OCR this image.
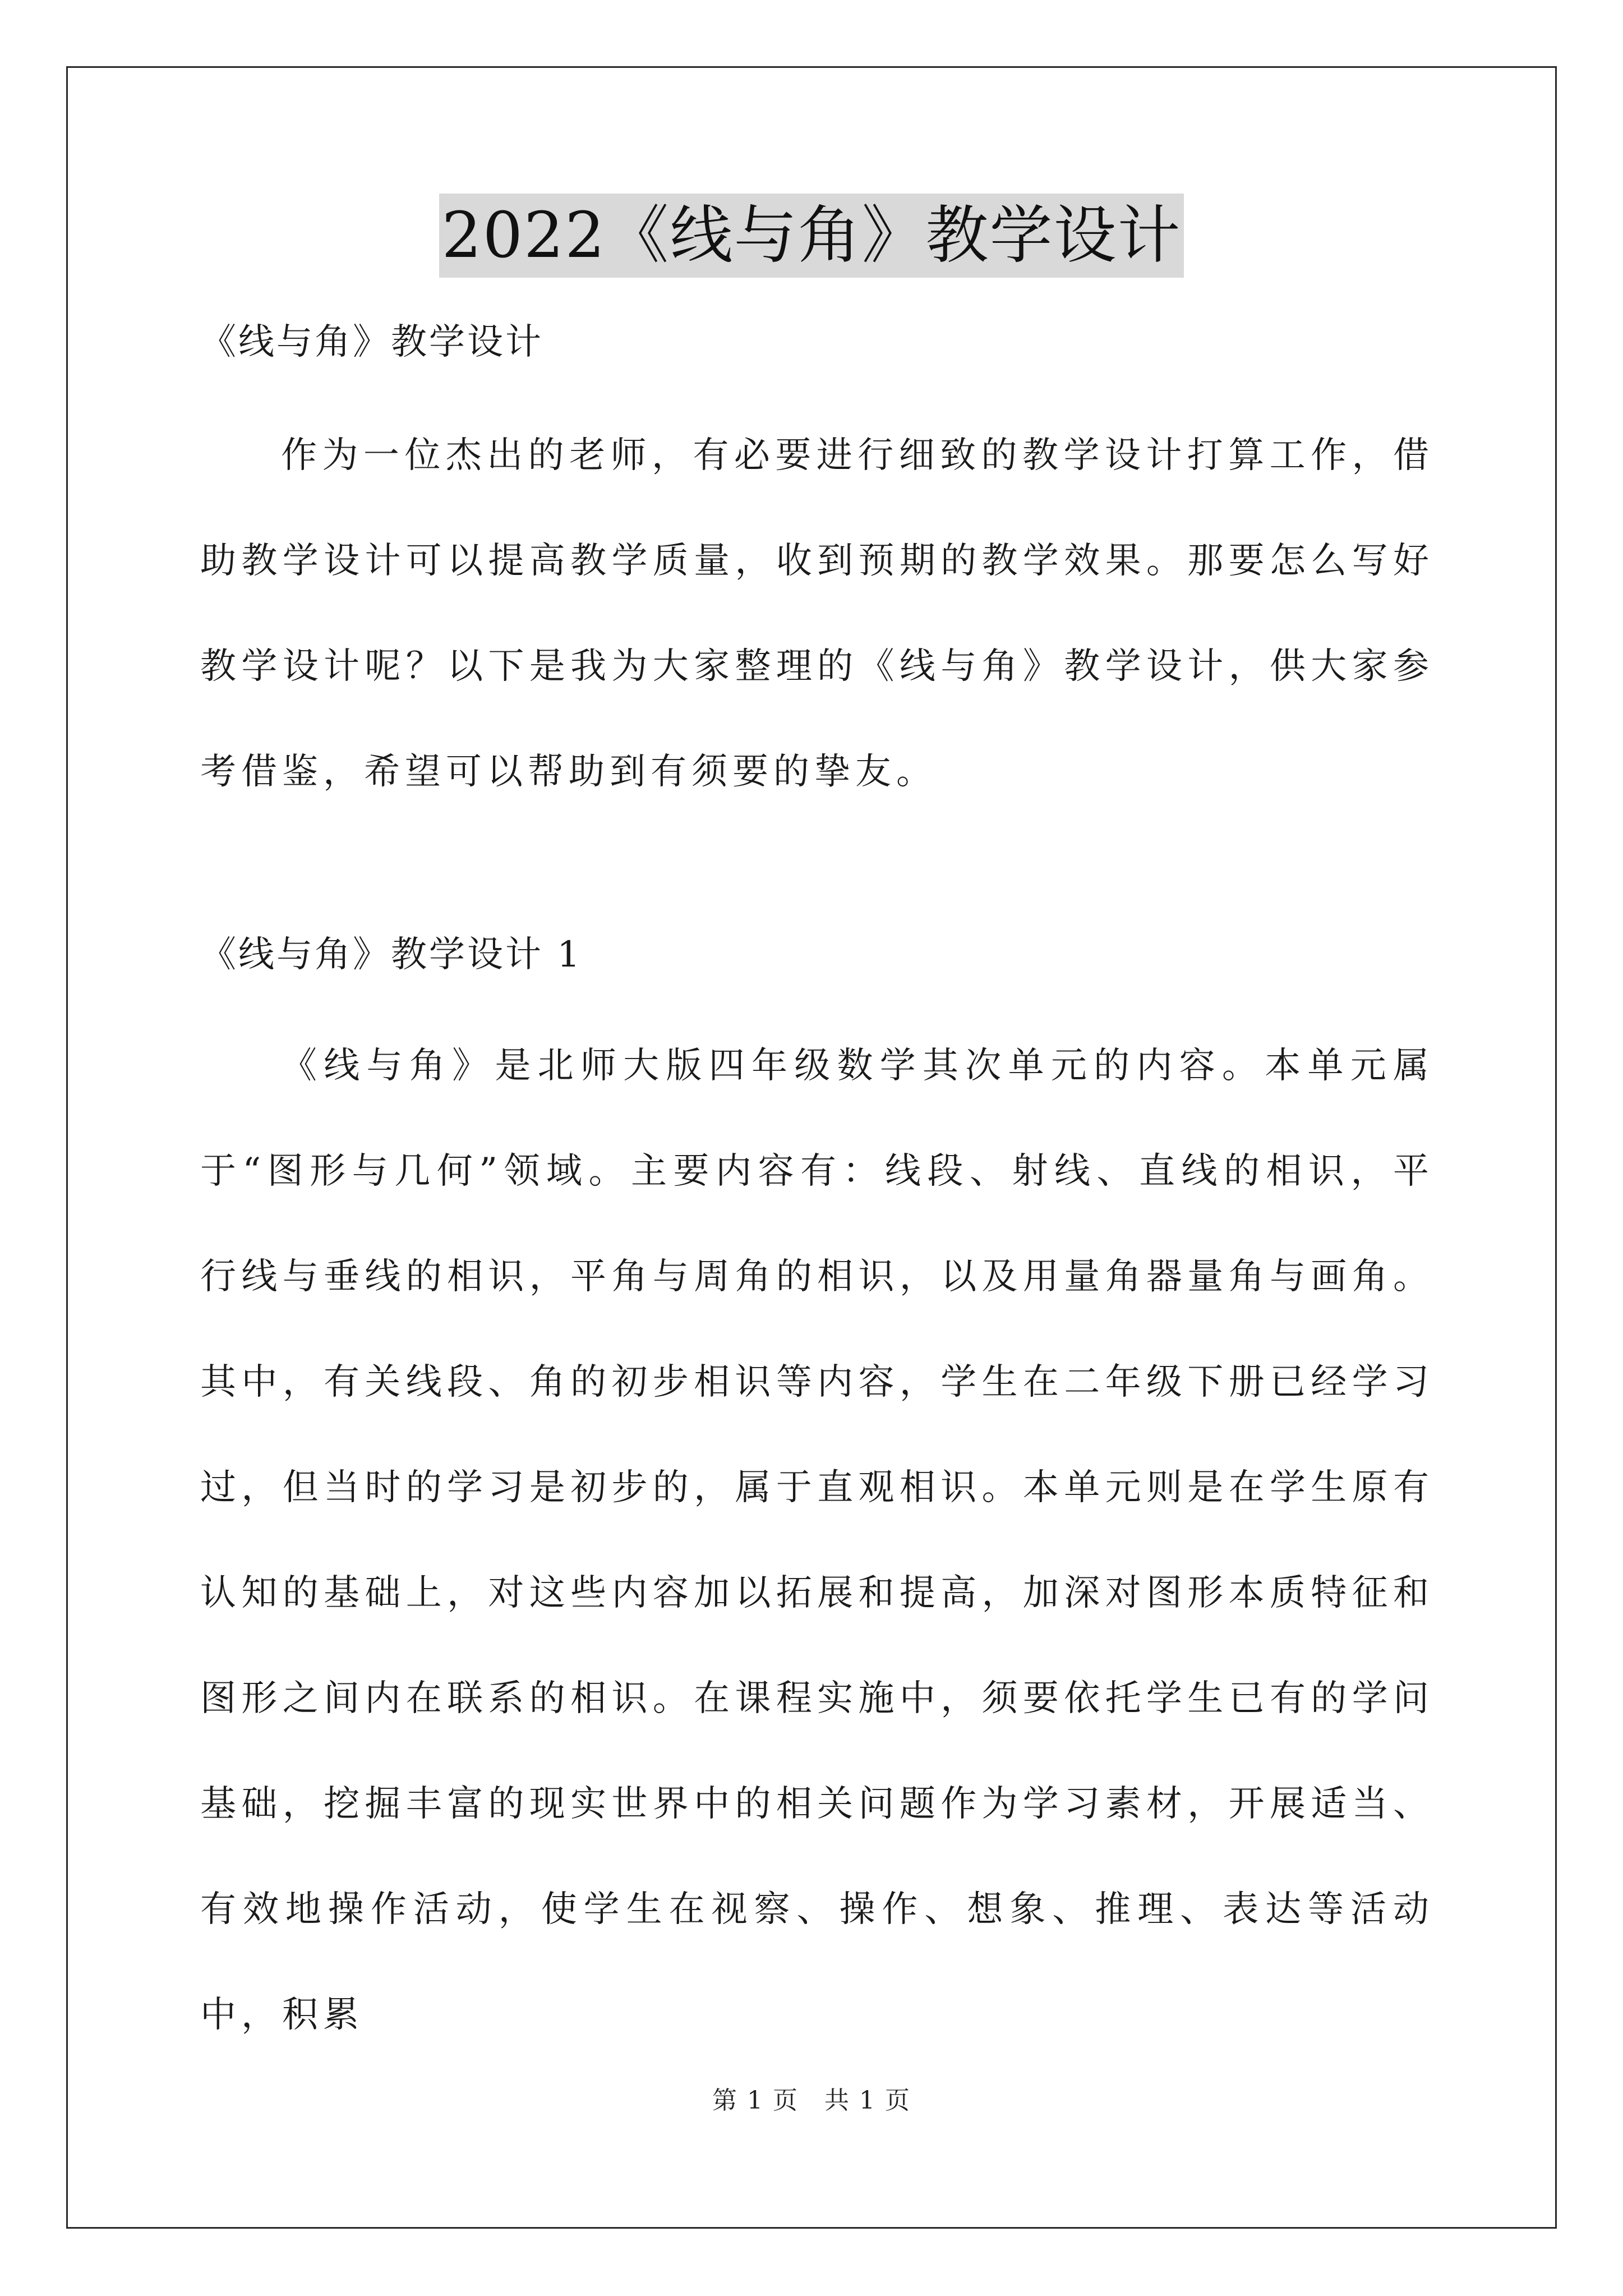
2022《线与角》教学设计

《线与角》教学设计

作为一位杰出的老师，有必要进行细致的教学设计打算工作，借助教学设计可以提高教学质量，收到预期的教学效果。那要怎么写好教学设计呢？以下是我为大家整理的《线与角》教学设计，供大家参考借鉴，希望可以帮助到有须要的挚友。

《线与角》教学设计 1

《线与角》是北师大版四年级数学其次单元的内容。本单元属于“图形与几何”领域。主要内容有：线段、射线、直线的相识，平行线与垂线的相识，平角与周角的相识，以及用量角器量角与画角。其中，有关线段、角的初步相识等内容，学生在二年级下册已经学习过，但当时的学习是初步的，属于直观相识。本单元则是在学生原有认知的基础上，对这些内容加以拓展和提高，加深对图形本质特征和图形之间内在联系的相识。在课程实施中，须要依托学生已有的学问基础，挖掘丰富的现实世界中的相关问题作为学习素材，开展适当、有效地操作活动，使学生在视察、操作、想象、推理、表达等活动中，积累

第 1 页　共 1 页
